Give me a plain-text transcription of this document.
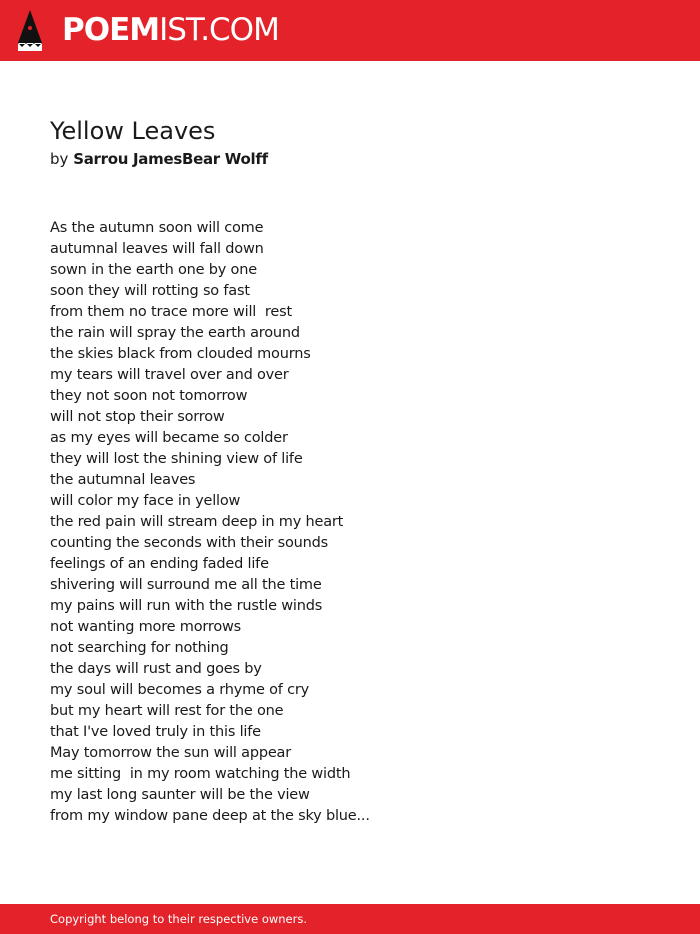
POEMIST.COM
Yellow Leaves
by Sarrou JamesBear Wolff
As the autumn soon will come
autumnal leaves will fall down
sown in the earth one by one
soon they will rotting so fast
from them no trace more will  rest
the rain will spray the earth around
the skies black from clouded mourns
my tears will travel over and over
they not soon not tomorrow
will not stop their sorrow
as my eyes will became so colder
they will lost the shining view of life
the autumnal leaves
will color my face in yellow
the red pain will stream deep in my heart
counting the seconds with their sounds
feelings of an ending faded life
shivering will surround me all the time
my pains will run with the rustle winds
not wanting more morrows
not searching for nothing
the days will rust and goes by
my soul will becomes a rhyme of cry
but my heart will rest for the one
that I've loved truly in this life
May tomorrow the sun will appear
me sitting  in my room watching the width
my last long saunter will be the view
from my window pane deep at the sky blue...
Copyright belong to their respective owners.
